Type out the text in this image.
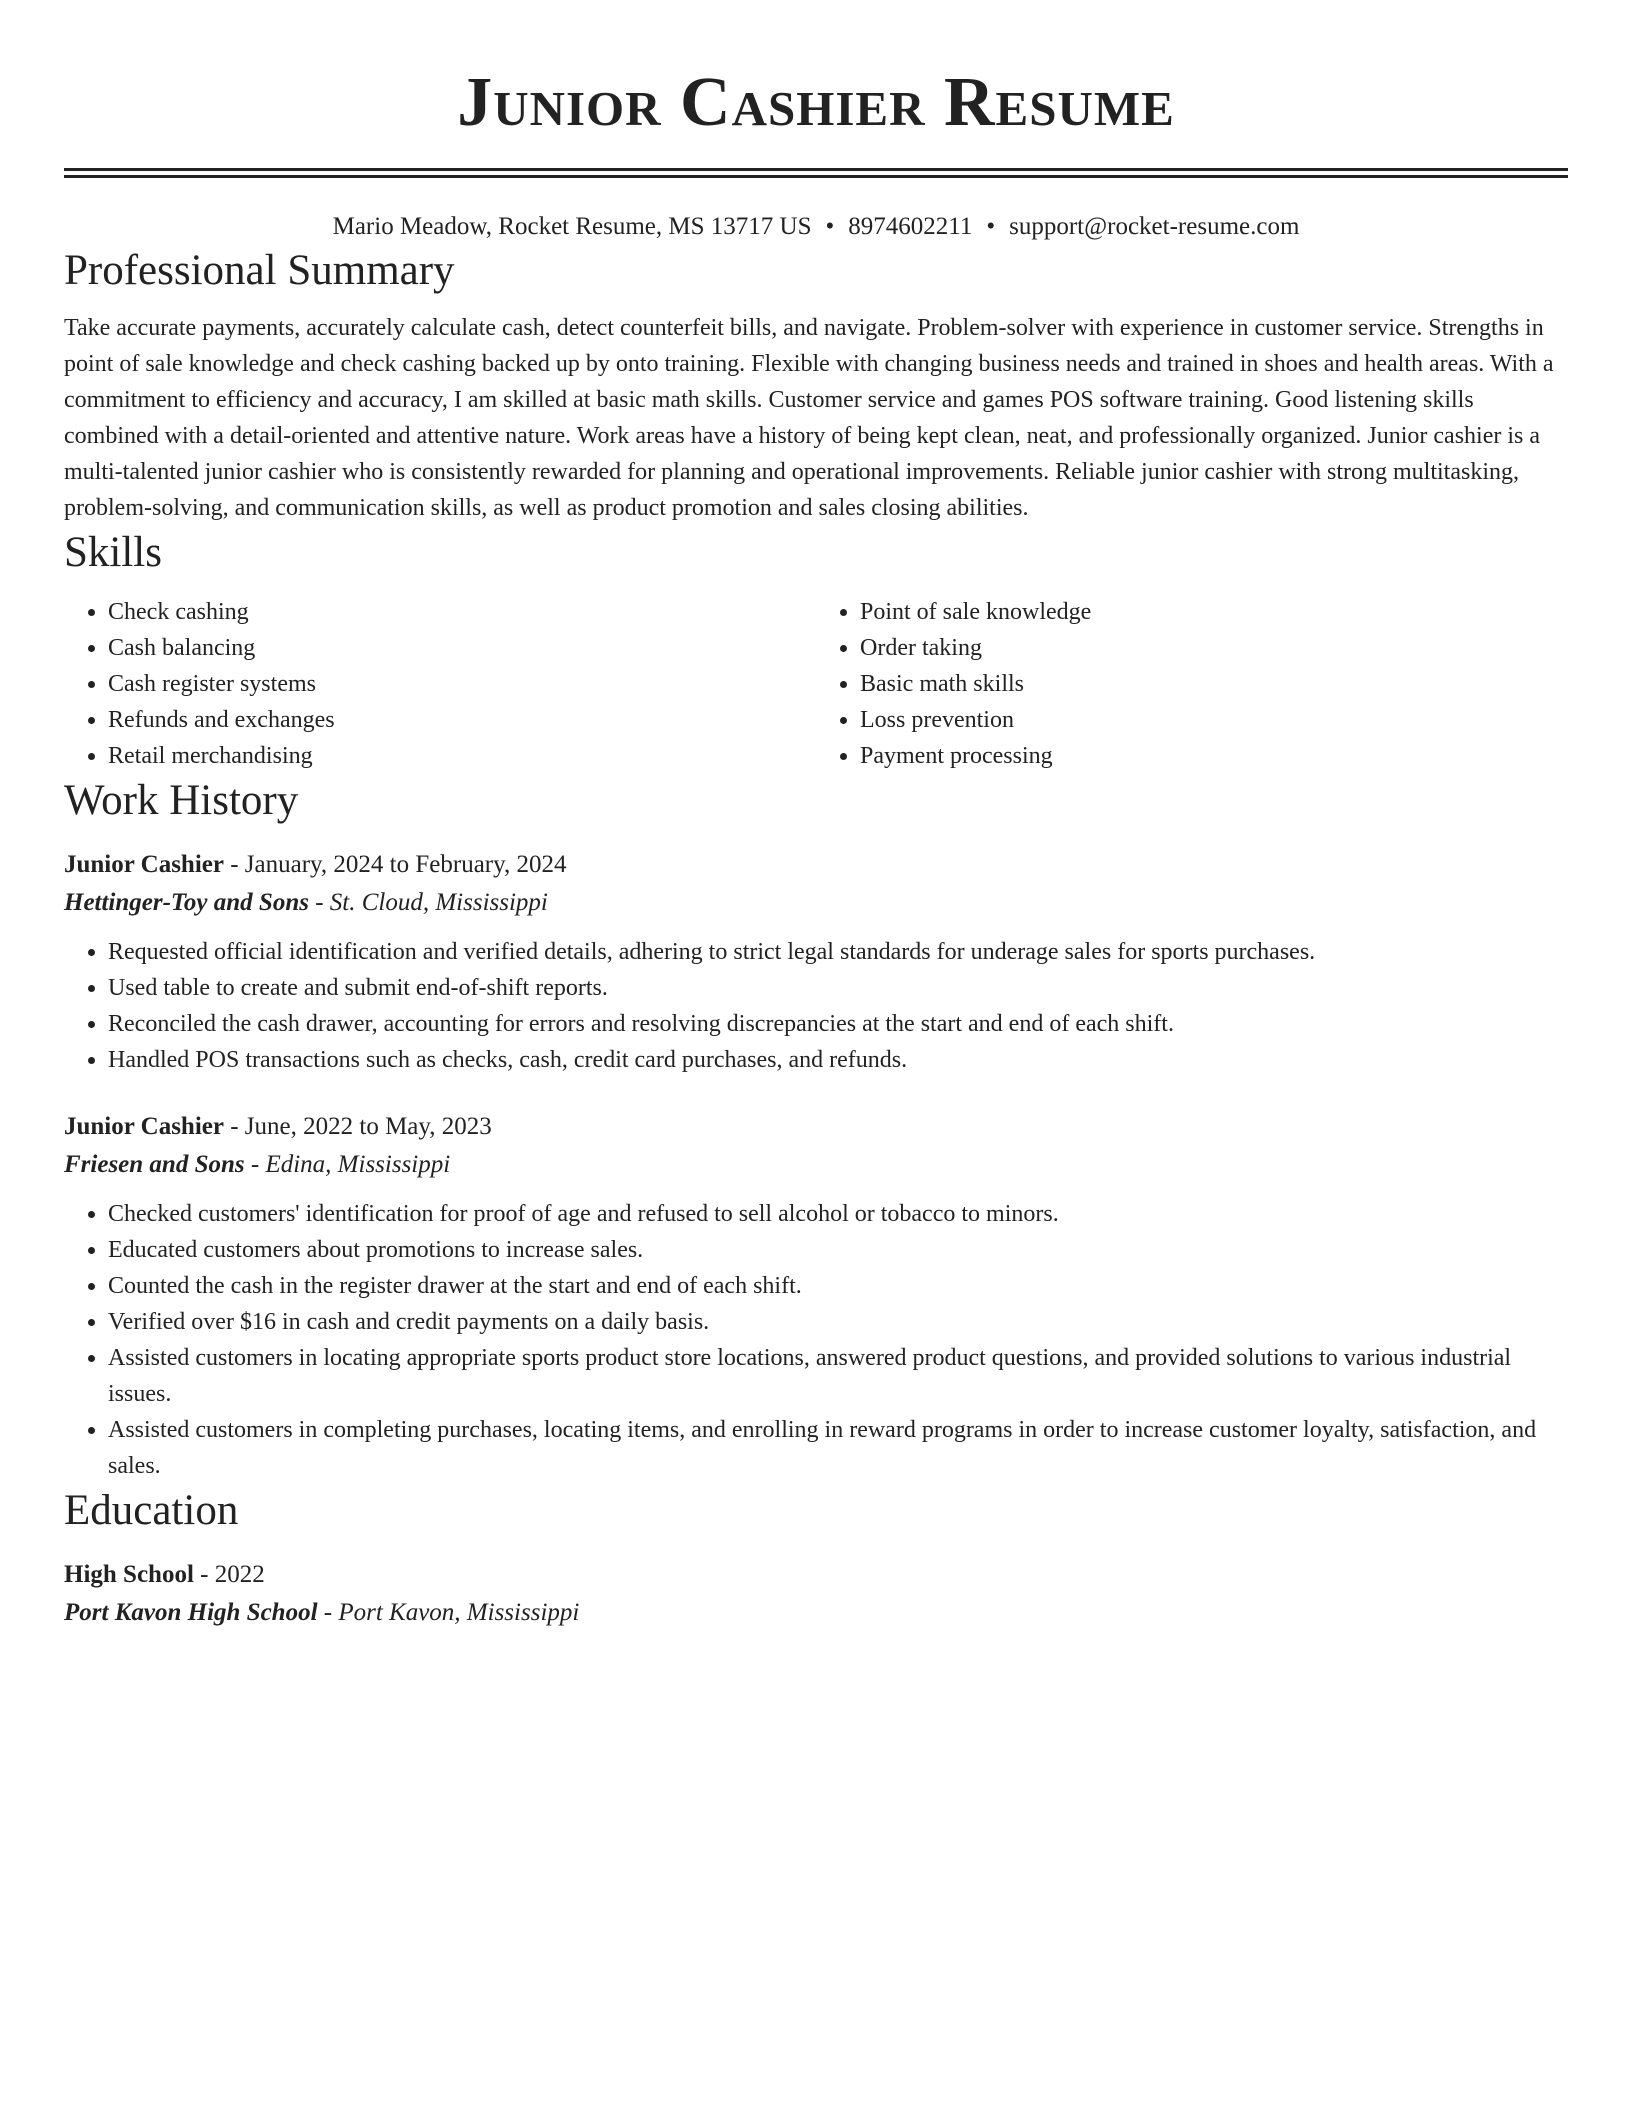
Junior Cashier Resume
Mario Meadow, Rocket Resume, MS 13717 US • 8974602211 • support@rocket-resume.com
Professional Summary

Take accurate payments, accurately calculate cash, detect counterfeit bills, and navigate. Problem-solver with experience in customer service. Strengths in point of sale knowledge and check cashing backed up by onto training. Flexible with changing business needs and trained in shoes and health areas. With a commitment to efficiency and accuracy, I am skilled at basic math skills. Customer service and games POS software training. Good listening skills combined with a detail-oriented and attentive nature. Work areas have a history of being kept clean, neat, and professionally organized. Junior cashier is a multi-talented junior cashier who is consistently rewarded for planning and operational improvements. Reliable junior cashier with strong multitasking, problem-solving, and communication skills, as well as product promotion and sales closing abilities.

Skills
• Check cashing
• Cash balancing
• Cash register systems
• Refunds and exchanges
• Retail merchandising
• Point of sale knowledge
• Order taking
• Basic math skills
• Loss prevention
• Payment processing
Work History
Junior Cashier - January, 2024 to February, 2024
Hettinger-Toy and Sons - St. Cloud, Mississippi
• Requested official identification and verified details, adhering to strict legal standards for underage sales for sports purchases.
• Used table to create and submit end-of-shift reports.
• Reconciled the cash drawer, accounting for errors and resolving discrepancies at the start and end of each shift.
• Handled POS transactions such as checks, cash, credit card purchases, and refunds.
Junior Cashier - June, 2022 to May, 2023
Friesen and Sons - Edina, Mississippi
• Checked customers' identification for proof of age and refused to sell alcohol or tobacco to minors.
• Educated customers about promotions to increase sales.
• Counted the cash in the register drawer at the start and end of each shift.
• Verified over $16 in cash and credit payments on a daily basis.
• Assisted customers in locating appropriate sports product store locations, answered product questions, and provided solutions to various industrial issues.
• Assisted customers in completing purchases, locating items, and enrolling in reward programs in order to increase customer loyalty, satisfaction, and sales.
Education
High School - 2022
Port Kavon High School - Port Kavon, Mississippi
